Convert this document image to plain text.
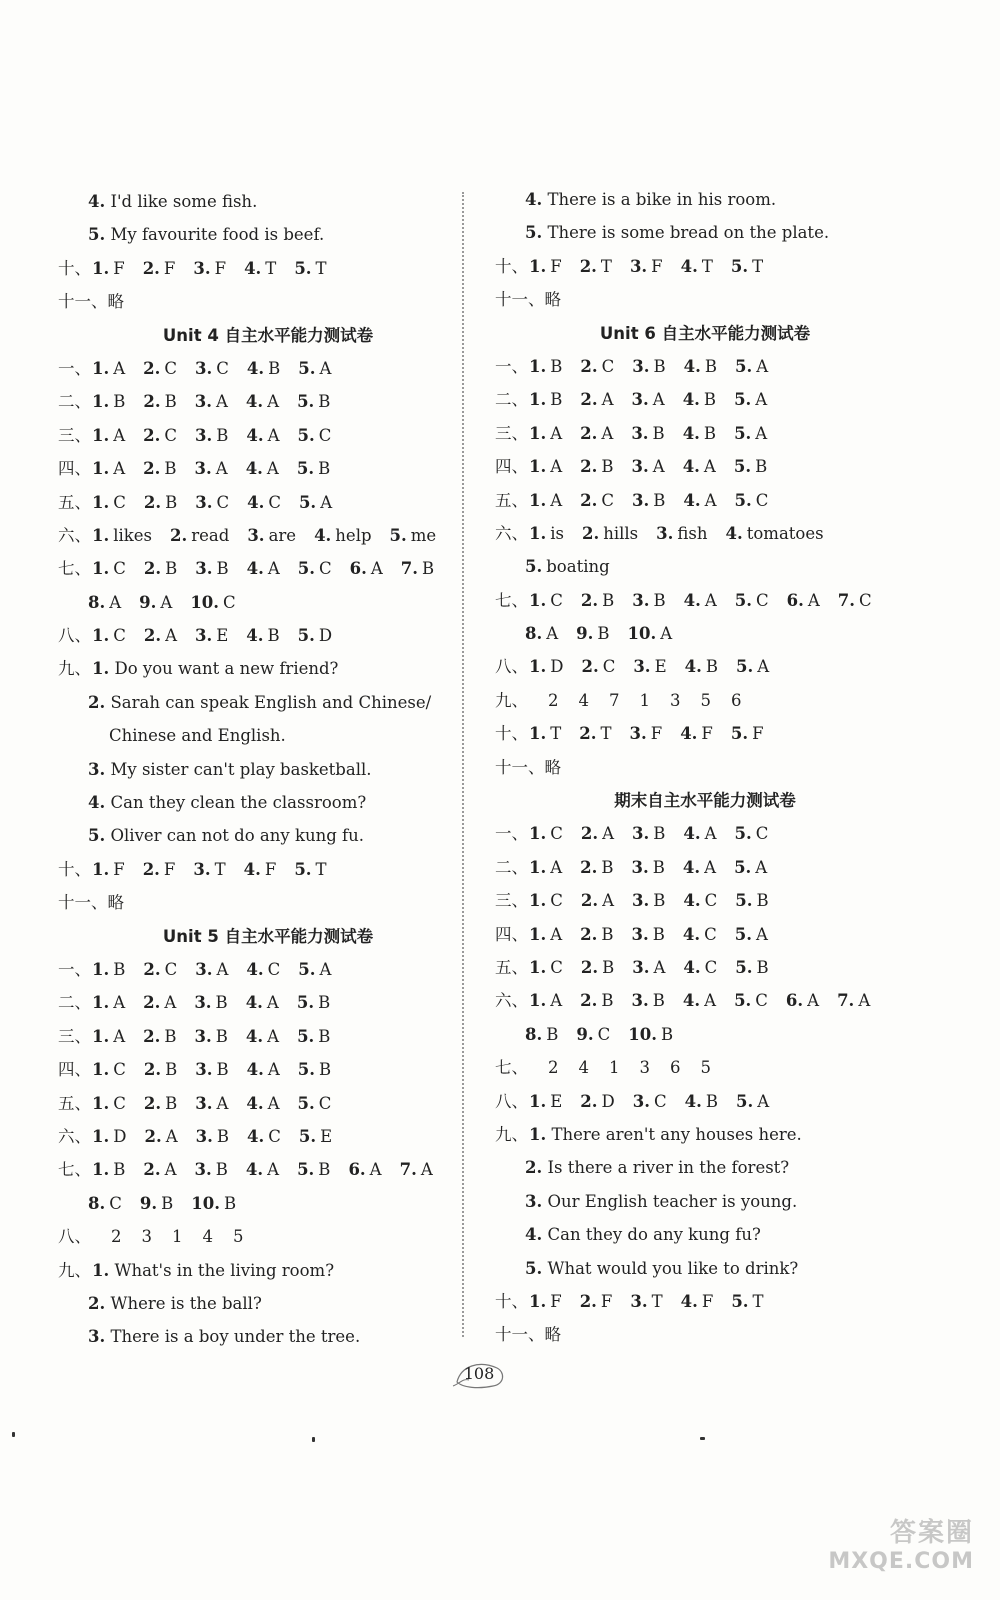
4. I'd like some fish.
5. My favourite food is beef.
十、1. F 2. F 3. F 4. T 5. T
十一、略
Unit 4 自主水平能力测试卷
一、1. A 2. C 3. C 4. B 5. A
二、1. B 2. B 3. A 4. A 5. B
三、1. A 2. C 3. B 4. A 5. C
四、1. A 2. B 3. A 4. A 5. B
五、1. C 2. B 3. C 4. C 5. A
六、1. likes 2. read 3. are 4. help 5. me
七、1. C 2. B 3. B 4. A 5. C 6. A 7. B
8. A 9. A 10. C
八、1. C 2. A 3. E 4. B 5. D
九、1. Do you want a new friend?
2. Sarah can speak English and Chinese/
Chinese and English.
3. My sister can't play basketball.
4. Can they clean the classroom?
5. Oliver can not do any kung fu.
十、1. F 2. F 3. T 4. F 5. T
十一、略
Unit 5 自主水平能力测试卷
一、1. B 2. C 3. A 4. C 5. A
二、1. A 2. A 3. B 4. A 5. B
三、1. A 2. B 3. B 4. A 5. B
四、1. C 2. B 3. B 4. A 5. B
五、1. C 2. B 3. A 4. A 5. C
六、1. D 2. A 3. B 4. C 5. E
七、1. B 2. A 3. B 4. A 5. B 6. A 7. A
8. C 9. B 10. B
八、 2 3 1 4 5
九、1. What's in the living room?
2. Where is the ball?
3. There is a boy under the tree.
4. There is a bike in his room.
5. There is some bread on the plate.
十、1. F 2. T 3. F 4. T 5. T
十一、略
Unit 6 自主水平能力测试卷
一、1. B 2. C 3. B 4. B 5. A
二、1. B 2. A 3. A 4. B 5. A
三、1. A 2. A 3. B 4. B 5. A
四、1. A 2. B 3. A 4. A 5. B
五、1. A 2. C 3. B 4. A 5. C
六、1. is 2. hills 3. fish 4. tomatoes
5. boating
七、1. C 2. B 3. B 4. A 5. C 6. A 7. C
8. A 9. B 10. A
八、1. D 2. C 3. E 4. B 5. A
九、 2 4 7 1 3 5 6
十、1. T 2. T 3. F 4. F 5. F
十一、略
期末自主水平能力测试卷
一、1. C 2. A 3. B 4. A 5. C
二、1. A 2. B 3. B 4. A 5. A
三、1. C 2. A 3. B 4. C 5. B
四、1. A 2. B 3. B 4. C 5. A
五、1. C 2. B 3. A 4. C 5. B
六、1. A 2. B 3. B 4. A 5. C 6. A 7. A
8. B 9. C 10. B
七、 2 4 1 3 6 5
八、1. E 2. D 3. C 4. B 5. A
九、1. There aren't any houses here.
2. Is there a river in the forest?
3. Our English teacher is young.
4. Can they do any kung fu?
5. What would you like to drink?
十、1. F 2. F 3. T 4. F 5. T
十一、略
108
答案圈
MXQE.COM
